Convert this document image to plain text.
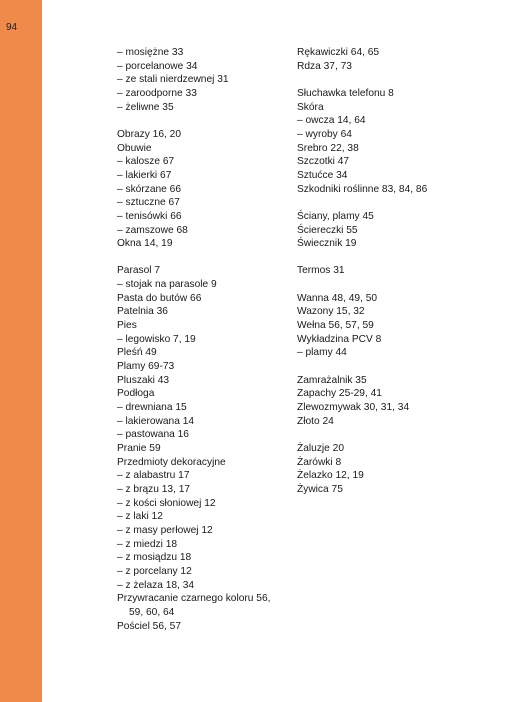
94
– mosiężne 33
– porcelanowe 34
– ze stali nierdzewnej 31
– zaroodporne 33
– żeliwne 35
Obrazy 16, 20
Obuwie
– kalosze 67
– lakierki 67
– skórzane 66
– sztuczne 67
– tenisówki 66
– zamszowe 68
Okna 14, 19
Parasol 7
– stojak na parasole 9
Pasta do butów 66
Patelnia 36
Pies
– legowisko 7, 19
Pleśń 49
Plamy 69-73
Pluszaki 43
Podłoga
– drewniana 15
– lakierowana 14
– pastowana 16
Pranie 59
Przedmioty dekoracyjne
– z alabastru 17
– z brązu 13, 17
– z kości słoniowej 12
– z laki 12
– z masy perłowej 12
– z miedzi 18
– z mosiądzu 18
– z porcelany 12
– z żelaza 18, 34
Przywracanie czarnego koloru 56,
59, 60, 64
Pościel 56, 57
Rękawiczki 64, 65
Rdza 37, 73
Słuchawka telefonu 8
Skóra
– owcza 14, 64
– wyroby 64
Srebro 22, 38
Szczotki 47
Sztućce 34
Szkodniki roślinne 83, 84, 86
Ściany, plamy 45
Ściereczki 55
Świecznik 19
Termos 31
Wanna 48, 49, 50
Wazony 15, 32
Wełna 56, 57, 59
Wykładzina PCV 8
– plamy 44
Zamrażalnik 35
Zapachy 25-29, 41
Zlewozmywak 30, 31, 34
Złoto 24
Żaluzje 20
Żarówki 8
Żelazko 12, 19
Żywica 75
